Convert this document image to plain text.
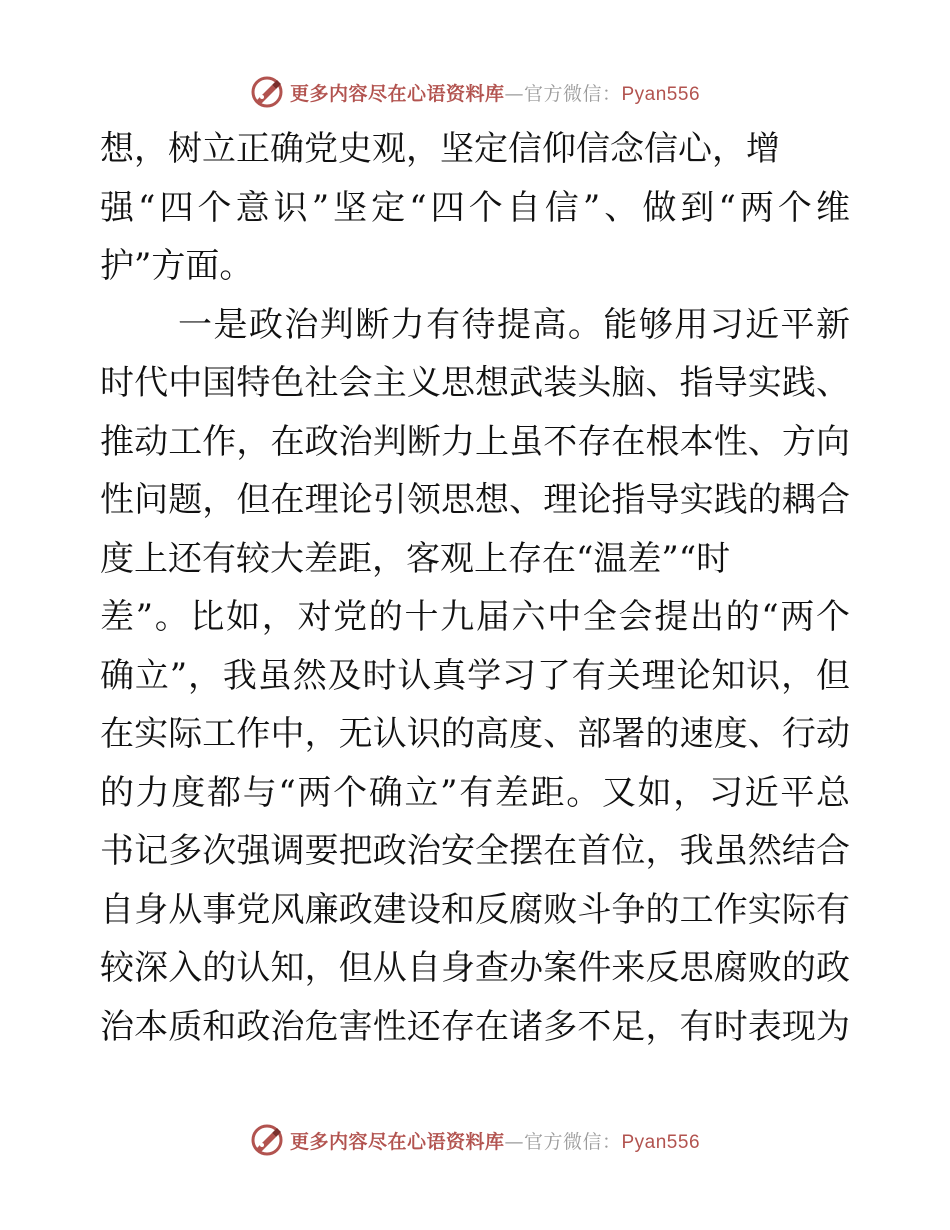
更多内容尽在心语资料库—官方微信：Pyan556
想，树立正确党史观，坚定信仰信念信心，增
强“四个意识”坚定“四个自信”、做到“两个维
护”方面。
一是政治判断力有待提高。能够用习近平新
时代中国特色社会主义思想武装头脑、指导实践、
推动工作，在政治判断力上虽不存在根本性、方向
性问题，但在理论引领思想、理论指导实践的耦合
度上还有较大差距，客观上存在“温差”“时
差”。比如，对党的十九届六中全会提出的“两个
确立”，我虽然及时认真学习了有关理论知识，但
在实际工作中，无认识的高度、部署的速度、行动
的力度都与“两个确立”有差距。又如，习近平总
书记多次强调要把政治安全摆在首位，我虽然结合
自身从事党风廉政建设和反腐败斗争的工作实际有
较深入的认知，但从自身查办案件来反思腐败的政
治本质和政治危害性还存在诸多不足，有时表现为
更多内容尽在心语资料库—官方微信：Pyan556
